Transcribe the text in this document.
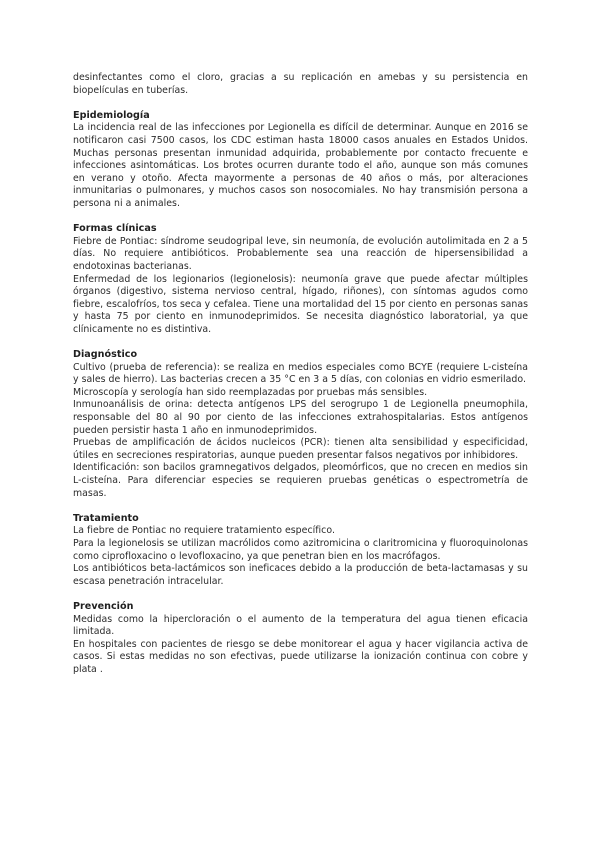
desinfectantes como el cloro, gracias a su replicación en amebas y su persistencia en biopelículas en tuberías.

Epidemiología

La incidencia real de las infecciones por Legionella es difícil de determinar. Aunque en 2016 se notificaron casi 7500 casos, los CDC estiman hasta 18000 casos anuales en Estados Unidos. Muchas personas presentan inmunidad adquirida, probablemente por contacto frecuente e infecciones asintomáticas. Los brotes ocurren durante todo el año, aunque son más comunes en verano y otoño. Afecta mayormente a personas de 40 años o más, por alteraciones inmunitarias o pulmonares, y muchos casos son nosocomiales. No hay transmisión persona a persona ni a animales.

Formas clínicas

Fiebre de Pontiac: síndrome seudogripal leve, sin neumonía, de evolución autolimitada en 2 a 5 días. No requiere antibióticos. Probablemente sea una reacción de hipersensibilidad a endotoxinas bacterianas.

Enfermedad de los legionarios (legionelosis): neumonía grave que puede afectar múltiples órganos (digestivo, sistema nervioso central, hígado, riñones), con síntomas agudos como fiebre, escalofríos, tos seca y cefalea. Tiene una mortalidad del 15 por ciento en personas sanas y hasta 75 por ciento en inmunodeprimidos. Se necesita diagnóstico laboratorial, ya que clínicamente no es distintiva.

Diagnóstico

Cultivo (prueba de referencia): se realiza en medios especiales como BCYE (requiere L-cisteína y sales de hierro). Las bacterias crecen a 35 °C en 3 a 5 días, con colonias en vidrio esmerilado.

Microscopía y serología han sido reemplazadas por pruebas más sensibles.

Inmunoanálisis de orina: detecta antígenos LPS del serogrupo 1 de Legionella pneumophila, responsable del 80 al 90 por ciento de las infecciones extrahospitalarias. Estos antígenos pueden persistir hasta 1 año en inmunodeprimidos.

Pruebas de amplificación de ácidos nucleicos (PCR): tienen alta sensibilidad y especificidad, útiles en secreciones respiratorias, aunque pueden presentar falsos negativos por inhibidores.

Identificación: son bacilos gramnegativos delgados, pleomórficos, que no crecen en medios sin L-cisteína. Para diferenciar especies se requieren pruebas genéticas o espectrometría de masas.

Tratamiento

La fiebre de Pontiac no requiere tratamiento específico.

Para la legionelosis se utilizan macrólidos como azitromicina o claritromicina y fluoroquinolonas como ciprofloxacino o levofloxacino, ya que penetran bien en los macrófagos.

Los antibióticos beta-lactámicos son ineficaces debido a la producción de beta-lactamasas y su escasa penetración intracelular.

Prevención

Medidas como la hipercloración o el aumento de la temperatura del agua tienen eficacia limitada.

En hospitales con pacientes de riesgo se debe monitorear el agua y hacer vigilancia activa de casos. Si estas medidas no son efectivas, puede utilizarse la ionización continua con cobre y plata .
